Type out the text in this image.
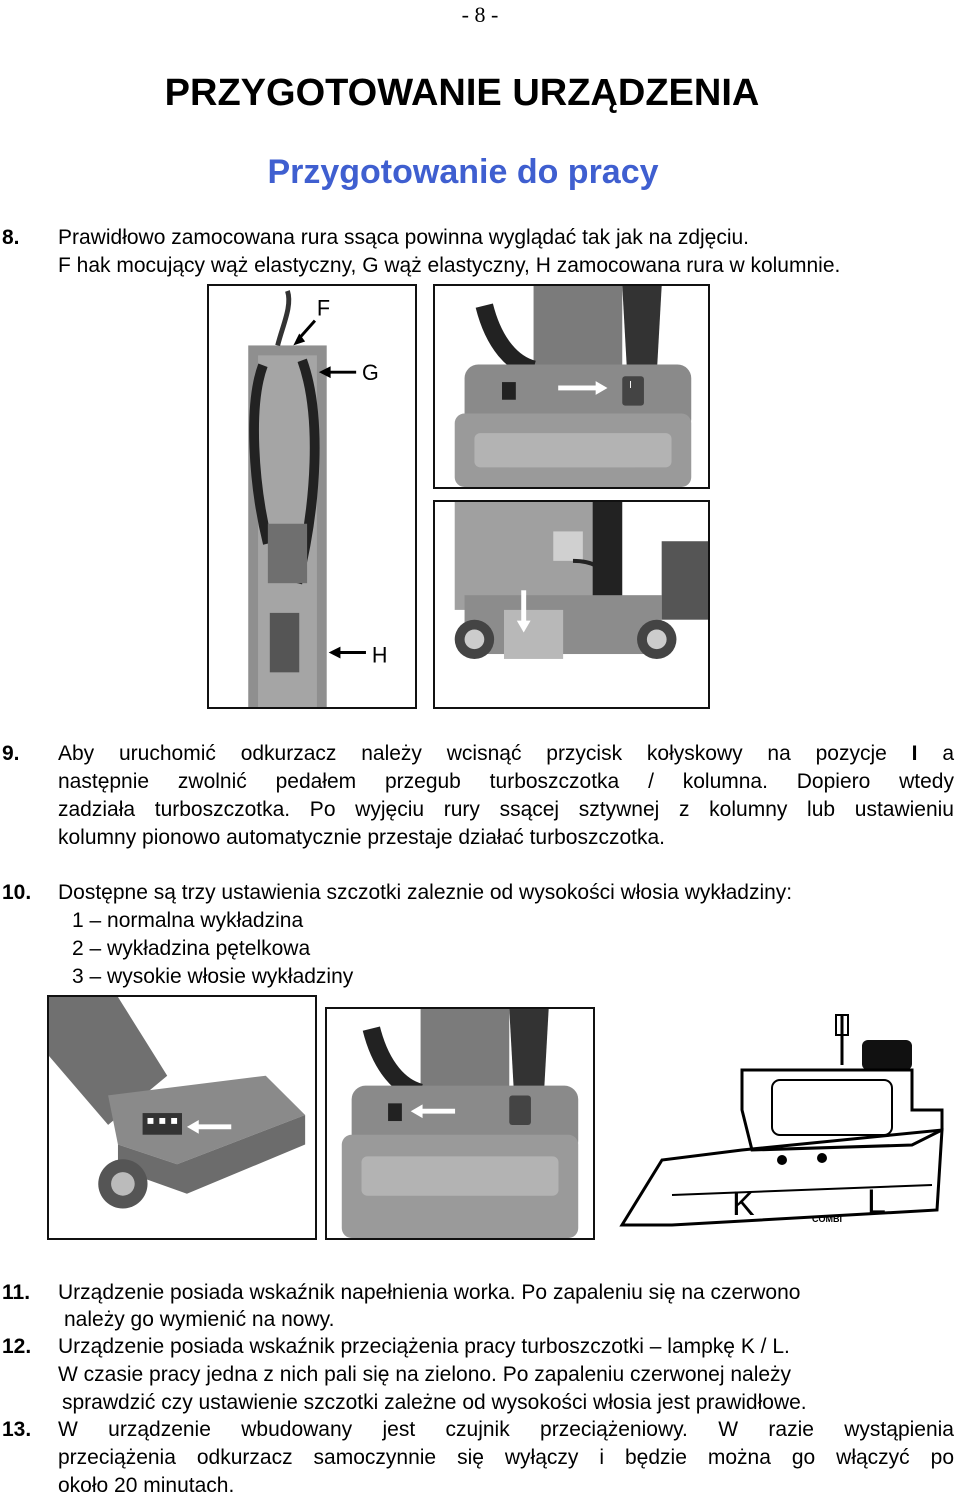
- 8 -
PRZYGOTOWANIE URZĄDZENIA
Przygotowanie do pracy
8. Prawidłowo zamocowana rura ssąca powinna wyglądać tak jak na zdjęciu.
F hak mocujący wąż elastyczny, G wąż elastyczny, H zamocowana rura w kolumnie.
F
G
H
I
9. Aby uruchomić odkurzacz należy wcisnąć przycisk kołyskowy na pozycje I a
następnie zwolnić pedałem przegub turboszczotka / kolumna. Dopiero wtedy
zadziała turboszczotka. Po wyjęciu rury ssącej sztywnej z kolumny lub ustawieniu
kolumny pionowo automatycznie przestaje działać turboszczotka.
10. Dostępne są trzy ustawienia szczotki zaleznie od wysokości włosia wykładziny:
1 – normalna wykładzina
2 – wykładzina pętelkowa
3 – wysokie włosie wykładziny
K	L
COMBI
11. Urządzenie posiada wskaźnik napełnienia worka. Po zapaleniu się na czerwono
należy go wymienić na nowy.
12. Urządzenie posiada wskaźnik przeciążenia pracy turboszczotki – lampkę K / L.
W czasie pracy jedna z nich pali się na zielono. Po zapaleniu czerwonej należy
sprawdzić czy ustawienie szczotki zależne od wysokości włosia jest prawidłowe.
13. W urządzenie wbudowany jest czujnik przeciążeniowy. W razie wystąpienia
przeciążenia odkurzacz samoczynnie się wyłączy i będzie można go włączyć po
około 20 minutach.
